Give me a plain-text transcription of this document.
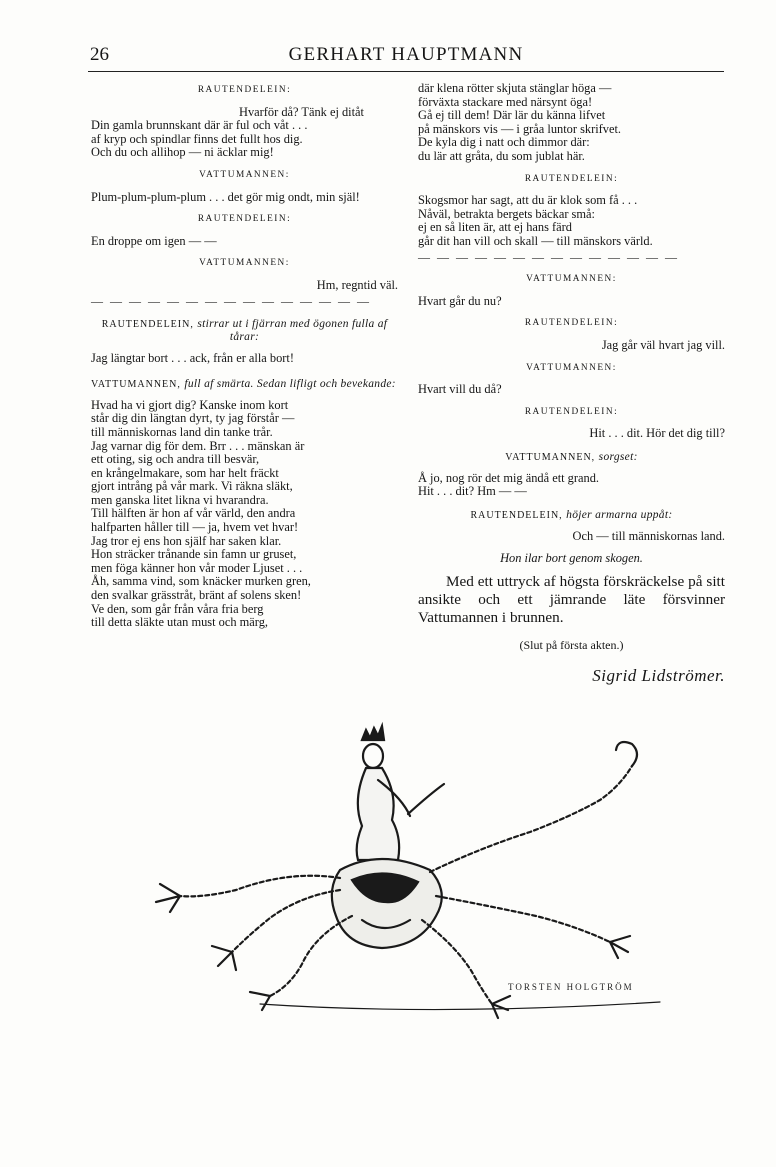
26	GERHART HAUPTMANN
RAUTENDELEIN:
Hvarför då? Tänk ej ditåt
Din gamla brunnskant där är ful och våt . . .
af kryp och spindlar finns det fullt hos dig.
Och du och allihop — ni äcklar mig!
VATTUMANNEN:
Plum-plum-plum-plum . . . det gör mig ondt, min själ!
RAUTENDELEIN:
En droppe om igen — —
VATTUMANNEN:
Hm, regntid väl.
— — — — — — — — — — — — — — —
RAUTENDELEIN, stirrar ut i fjärran med ögonen fulla af tårar:
Jag längtar bort . . . ack, från er alla bort!
VATTUMANNEN, full af smärta. Sedan lifligt och bevekande:
Hvad ha vi gjort dig? Kanske inom kort
står dig din längtan dyrt, ty jag förstår —
till människornas land din tanke trår.
Jag varnar dig för dem. Brr . . . mänskan är
ett oting, sig och andra till besvär,
en krångelmakare, som har helt fräckt
gjort intrång på vår mark. Vi räkna släkt,
men ganska litet likna vi hvarandra.
Till hälften är hon af vår värld, den andra
halfparten håller till — ja, hvem vet hvar!
Jag tror ej ens hon själf har saken klar.
Hon sträcker trånande sin famn ur gruset,
men föga känner hon vår moder Ljuset . . .
Åh, samma vind, som knäcker murken gren,
den svalkar grässtråt, bränt af solens sken!
Ve den, som går från våra fria berg
till detta släkte utan must och märg,
där klena rötter skjuta stänglar höga —
förväxta stackare med närsynt öga!
Gå ej till dem! Där lär du känna lifvet
på mänskors vis — i gråa luntor skrifvet.
De kyla dig i natt och dimmor där:
du lär att gråta, du som jublat här.
RAUTENDELEIN:
Skogsmor har sagt, att du är klok som få . . .
Nåväl, betrakta bergets bäckar små:
ej en så liten är, att ej hans färd
går dit han vill och skall — till mänskors värld.
— — — — — — — — — — — — — —
VATTUMANNEN:
Hvart går du nu?
RAUTENDELEIN:
Jag går väl hvart jag vill.
VATTUMANNEN:
Hvart vill du då?
RAUTENDELEIN:
Hit . . . dit. Hör det dig till?
VATTUMANNEN, sorgset:
Å jo, nog rör det mig ändå ett grand.
Hit . . . dit? Hm — —
RAUTENDELEIN, höjer armarna uppåt:
Och — till människornas land.
Hon ilar bort genom skogen.
Med ett uttryck af högsta förskräckelse på sitt ansikte och ett jämrande läte försvinner Vattumannen i brunnen.
(Slut på första akten.)
Sigrid Lidströmer.
TORSTEN HOLGTRÖM
